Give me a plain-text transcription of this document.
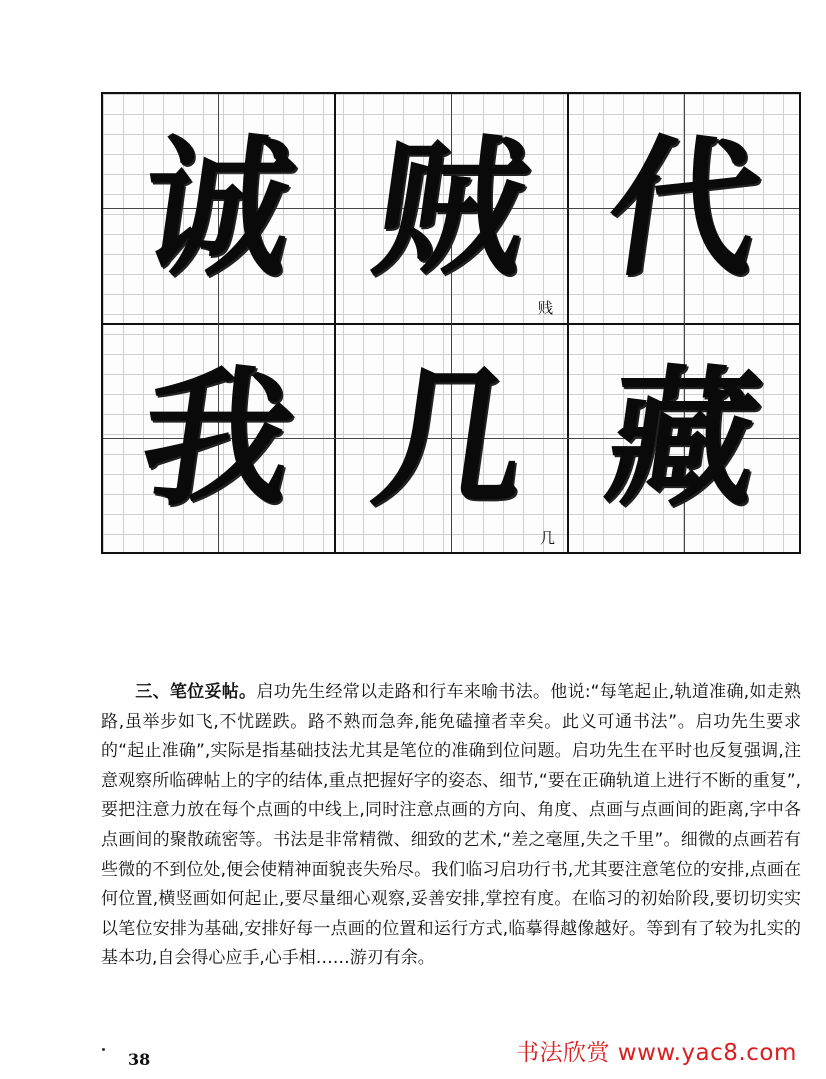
诚 贼 代
我 几 藏
贱
几
三、笔位妥帖。启功先生经常以走路和行车来喻书法。他说:“每笔起止,轨道准确,如走熟路,虽举步如飞,不忧蹉跌。路不熟而急奔,能免磕撞者幸矣。此义可通书法”。启功先生要求的“起止准确”,实际是指基础技法尤其是笔位的准确到位问题。启功先生在平时也反复强调,注意观察所临碑帖上的字的结体,重点把握好字的姿态、细节,“要在正确轨道上进行不断的重复”,要把注意力放在每个点画的中线上,同时注意点画的方向、角度、点画与点画间的距离,字中各点画间的聚散疏密等。书法是非常精微、细致的艺术,“差之毫厘,失之千里”。细微的点画若有些微的不到位处,便会使精神面貌丧失殆尽。我们临习启功行书,尤其要注意笔位的安排,点画在何位置,横竖画如何起止,要尽量细心观察,妥善安排,掌控有度。在临习的初始阶段,要切切实实以笔位安排为基础,安排好每一点画的位置和运行方式,临摹得越像越好。等到有了较为扎实的基本功,自会得心应手,心手相……游刃有余。
38	书法欣赏 www.yac8.com
